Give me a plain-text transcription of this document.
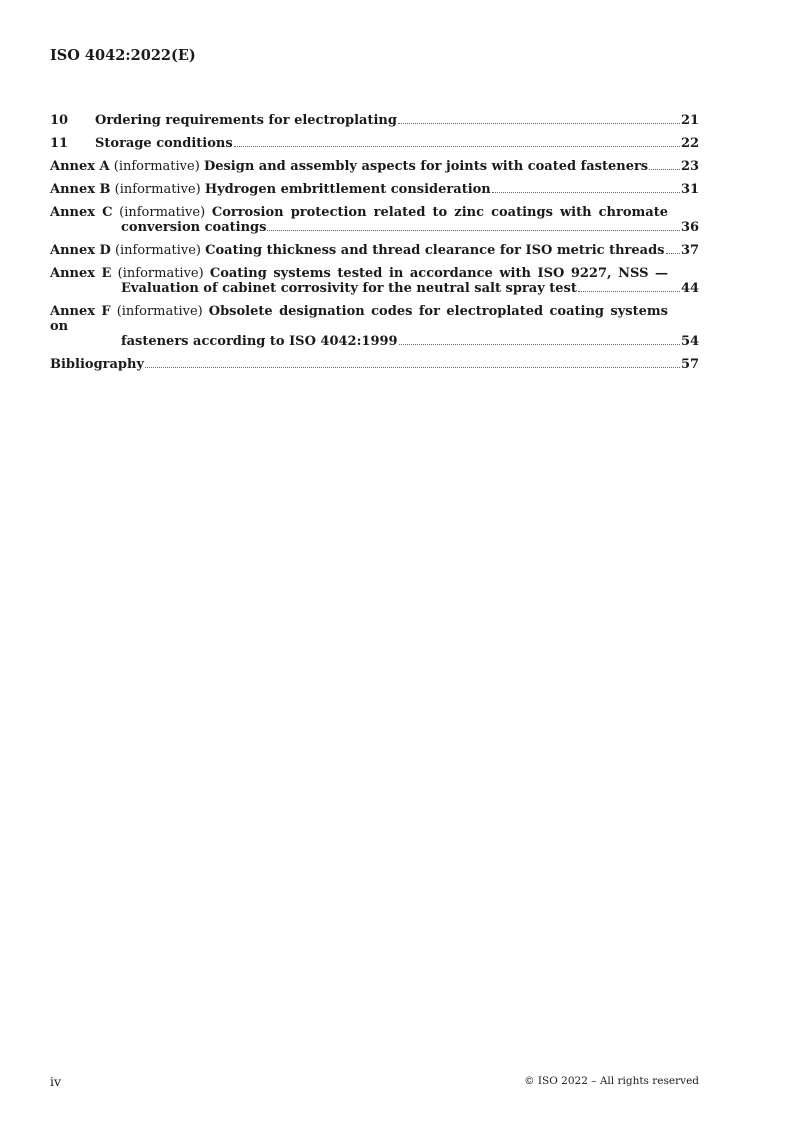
ISO 4042:2022(E)
10 Ordering requirements for electroplating	21
11 Storage conditions	22
Annex A (informative) Design and assembly aspects for joints with coated fasteners	23
Annex B (informative) Hydrogen embrittlement consideration	31
Annex C (informative) Corrosion protection related to zinc coatings with chromate
conversion coatings	36
Annex D (informative) Coating thickness and thread clearance for ISO metric threads 37
Annex E (informative) Coating systems tested in accordance with ISO 9227, NSS —
Evaluation of cabinet corrosivity for the neutral salt spray test	44
Annex F (informative) Obsolete designation codes for electroplated coating systems on
fasteners according to ISO 4042:1999	54
Bibliography	57
iv	© ISO 2022 – All rights reserved
